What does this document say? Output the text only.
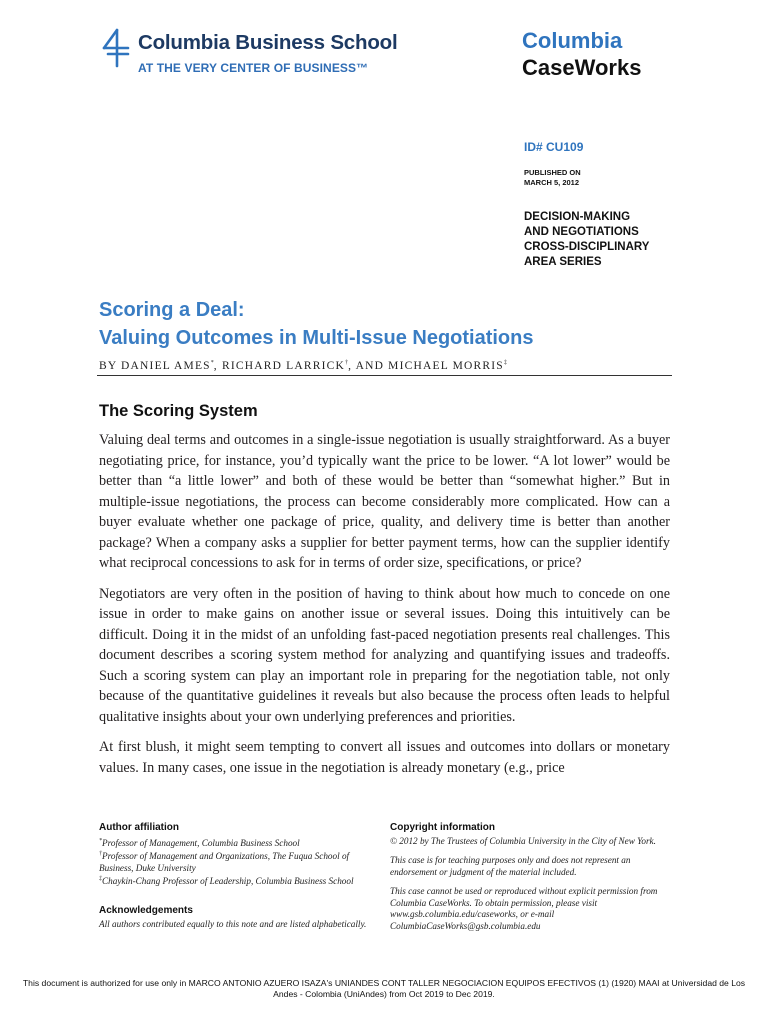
Columbia Business School
AT THE VERY CENTER OF BUSINESS™
Columbia
CaseWorks
ID# CU109
PUBLISHED ON
MARCH 5, 2012
DECISION-MAKING
AND NEGOTIATIONS
CROSS-DISCIPLINARY
AREA SERIES
Scoring a Deal:
Valuing Outcomes in Multi-Issue Negotiations
BY DANIEL AMES*, RICHARD LARRICK†, AND MICHAEL MORRIS‡
The Scoring System

Valuing deal terms and outcomes in a single-issue negotiation is usually straightforward. As a buyer negotiating price, for instance, you’d typically want the price to be lower. “A lot lower” would be better than “a little lower” and both of these would be better than “somewhat higher.” But in multiple-issue negotiations, the process can become considerably more complicated. How can a buyer evaluate whether one package of price, quality, and delivery time is better than another package? When a company asks a supplier for better payment terms, how can the supplier identify what reciprocal concessions to ask for in terms of order size, specifications, or price?

Negotiators are very often in the position of having to think about how much to concede on one issue in order to make gains on another issue or several issues. Doing this intuitively can be difficult. Doing it in the midst of an unfolding fast-paced negotiation presents real challenges. This document describes a scoring system method for analyzing and quantifying issues and tradeoffs. Such a scoring system can play an important role in preparing for the negotiation table, not only because of the quantitative guidelines it reveals but also because the process often leads to helpful qualitative insights about your own underlying preferences and priorities.

At first blush, it might seem tempting to convert all issues and outcomes into dollars or monetary values. In many cases, one issue in the negotiation is already monetary (e.g., price

Author affiliation
*Professor of Management, Columbia Business School
†Professor of Management and Organizations, The Fuqua School of Business, Duke University
‡Chaykin-Chang Professor of Leadership, Columbia Business School
Acknowledgements
All authors contributed equally to this note and are listed alphabetically.
Copyright information
© 2012 by The Trustees of Columbia University in the City of New York.
This case is for teaching purposes only and does not represent an endorsement or judgment of the material included.
This case cannot be used or reproduced without explicit permission from Columbia CaseWorks. To obtain permission, please visit www.gsb.columbia.edu/caseworks, or e-mail ColumbiaCaseWorks@gsb.columbia.edu
This document is authorized for use only in MARCO ANTONIO AZUERO ISAZA's UNIANDES CONT TALLER NEGOCIACION EQUIPOS EFECTIVOS (1) (1920) MAAI at Universidad de Los Andes - Colombia (UniAndes) from Oct 2019 to Dec 2019.
